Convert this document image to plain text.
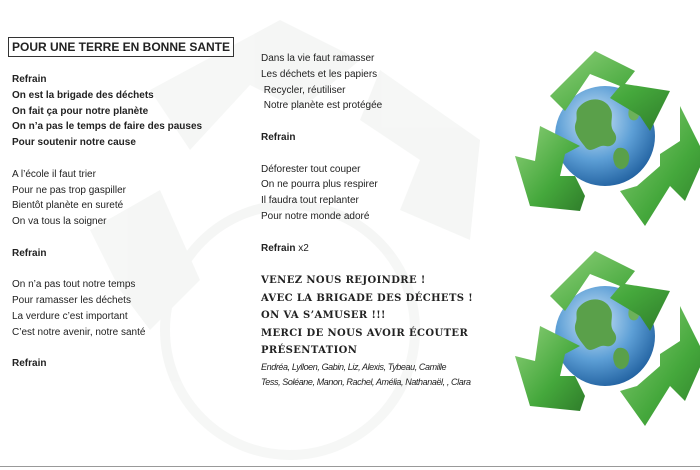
POUR UNE TERRE EN BONNE SANTE
Refrain
On est la brigade des déchets
On fait ça pour notre planète
On n’a pas le temps de faire des pauses
Pour soutenir notre cause
A l’école il faut trier
Pour ne pas trop gaspiller
Bientôt planète en sureté
On va tous la soigner
Refrain
On n’a pas tout notre temps
Pour ramasser les déchets
La verdure c’est important
C’est notre avenir, notre santé
Refrain
Dans la vie faut ramasser
Les déchets et les papiers
Recycler, réutiliser
Notre planète est protégée
Refrain
Déforester tout couper
On ne pourra plus respirer
Il faudra tout replanter
Pour notre monde adoré
Refrain x2
VENEZ NOUS REJOINDRE !
AVEC LA BRIGADE DES DÉCHETS !
ON VA S’AMUSER !!!
MERCI DE NOUS AVOIR ÉCOUTER
PRÉSENTATION
Endréa, Lylloen, Gabin, Liz, Alexis, Tybeau, Camille
Tess, Soléane, Manon, Rachel, Amélia, Nathanaël, , Clara
